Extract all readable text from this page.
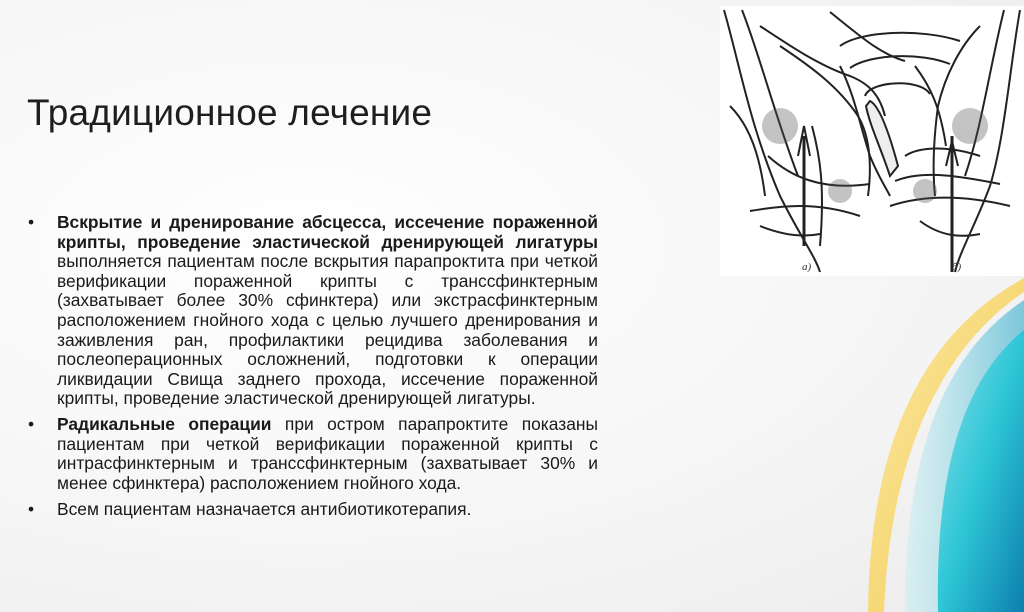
Традиционное лечение
•	Вскрытие и дренирование абсцесса, иссечение пораженной крипты, проведение эластической дренирующей лигатуры выполняется пациентам после вскрытия парапроктита при четкой верификации пораженной крипты с транссфинктерным (захватывает более 30% сфинктера) или экстрасфинктерным расположением гнойного хода с целью лучшего дренирования и заживления ран, профилактики рецидива заболевания и послеоперационных осложнений, подготовки к операции ликвидации Свища заднего прохода, иссечение пораженной крипты, проведение эластической дренирующей лигатуры.
•	Радикальные операции при остром парапроктите показаны пациентам при четкой верификации пораженной крипты с интрасфинктерным и транссфинктерным (захватывает 30% и менее сфинктера) расположением гнойного хода.
•	Всем пациентам назначается антибиотикотерапия.
а)	б)
